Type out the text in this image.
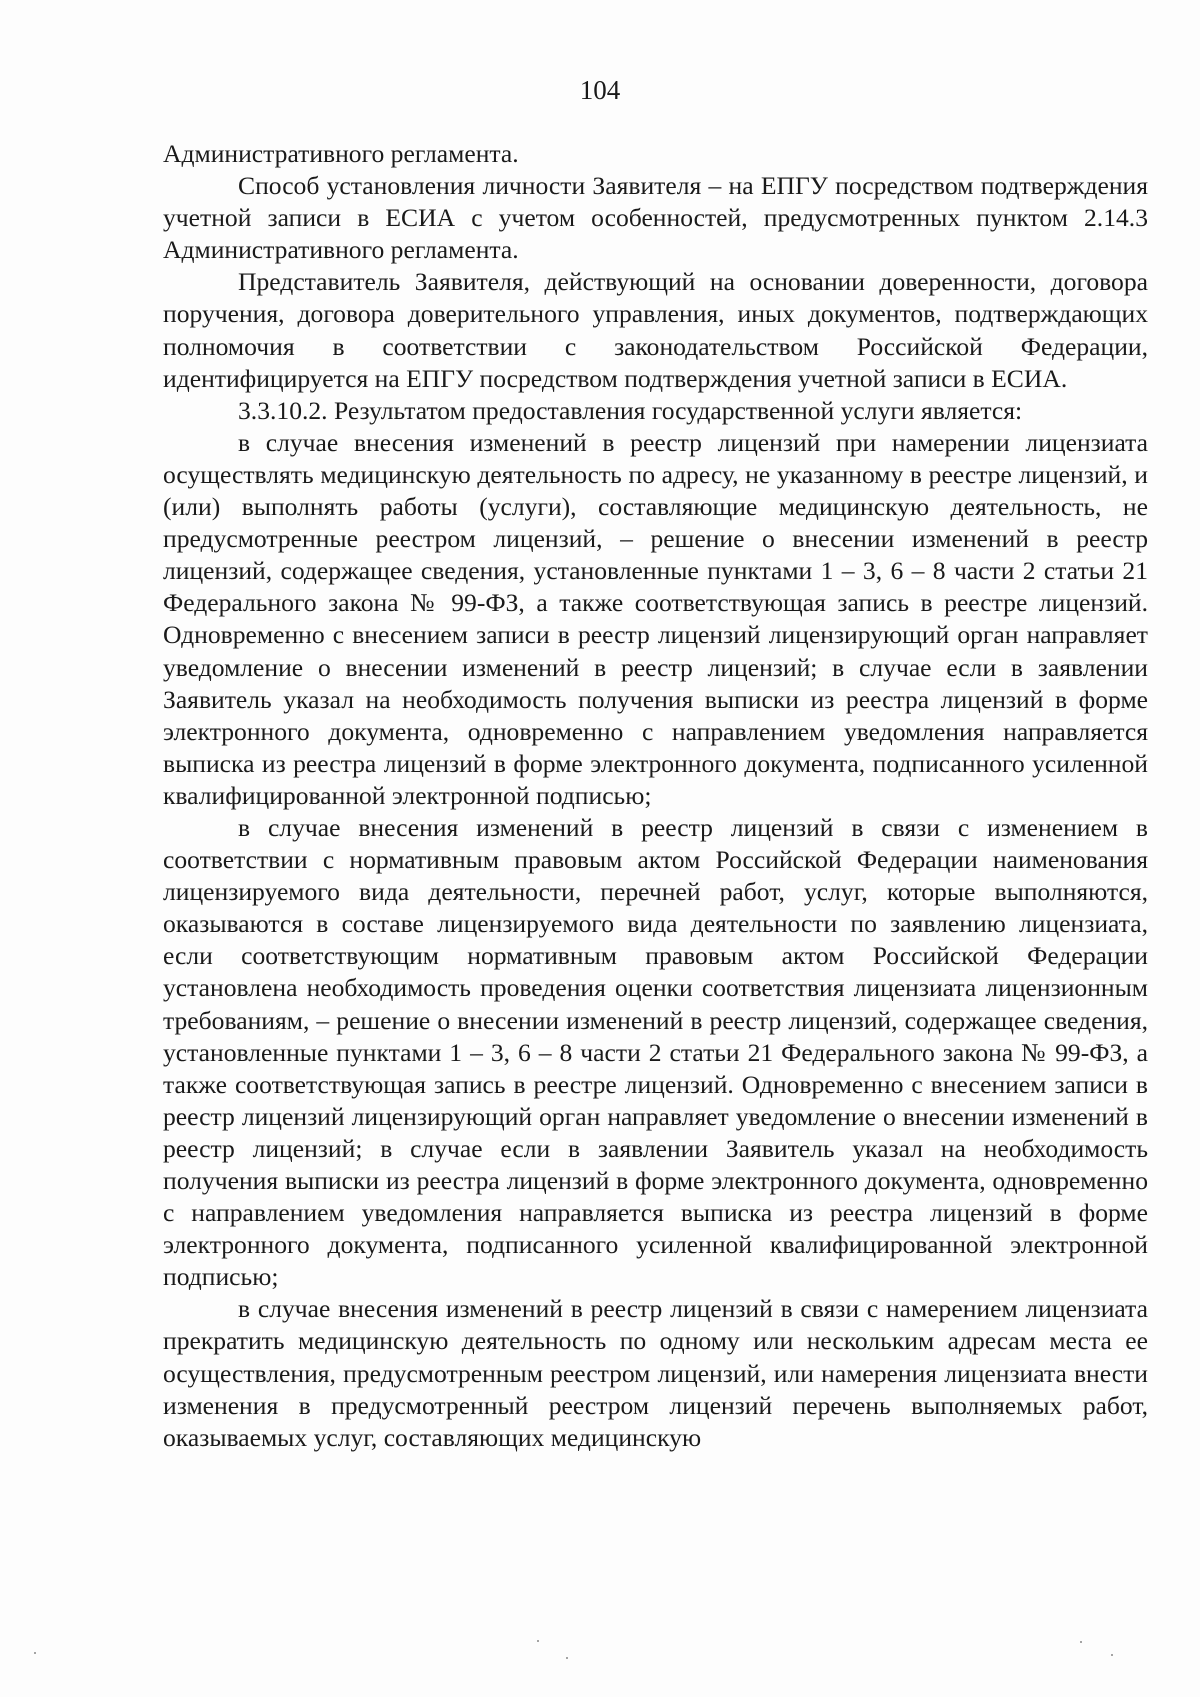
104

Административного регламента.

Способ установления личности Заявителя – на ЕПГУ посредством подтверждения учетной записи в ЕСИА с учетом особенностей, предусмотренных пунктом 2.14.3 Административного регламента.

Представитель Заявителя, действующий на основании доверенности, договора поручения, договора доверительного управления, иных документов, подтверждающих полномочия в соответствии с законодательством Российской Федерации, идентифицируется на ЕПГУ посредством подтверждения учетной записи в ЕСИА.

3.3.10.2. Результатом предоставления государственной услуги является:

в случае внесения изменений в реестр лицензий при намерении лицензиата осуществлять медицинскую деятельность по адресу, не указанному в реестре лицензий, и (или) выполнять работы (услуги), составляющие медицинскую деятельность, не предусмотренные реестром лицензий, – решение о внесении изменений в реестр лицензий, содержащее сведения, установленные пунктами 1 – 3, 6 – 8 части 2 статьи 21 Федерального закона № 99-ФЗ, а также соответствующая запись в реестре лицензий. Одновременно с внесением записи в реестр лицензий лицензирующий орган направляет уведомление о внесении изменений в реестр лицензий; в случае если в заявлении Заявитель указал на необходимость получения выписки из реестра лицензий в форме электронного документа, одновременно с направлением уведомления направляется выписка из реестра лицензий в форме электронного документа, подписанного усиленной квалифицированной электронной подписью;

в случае внесения изменений в реестр лицензий в связи с изменением в соответствии с нормативным правовым актом Российской Федерации наименования лицензируемого вида деятельности, перечней работ, услуг, которые выполняются, оказываются в составе лицензируемого вида деятельности по заявлению лицензиата, если соответствующим нормативным правовым актом Российской Федерации установлена необходимость проведения оценки соответствия лицензиата лицензионным требованиям, – решение о внесении изменений в реестр лицензий, содержащее сведения, установленные пунктами 1 – 3, 6 – 8 части 2 статьи 21 Федерального закона № 99-ФЗ, а также соответствующая запись в реестре лицензий. Одновременно с внесением записи в реестр лицензий лицензирующий орган направляет уведомление о внесении изменений в реестр лицензий; в случае если в заявлении Заявитель указал на необходимость получения выписки из реестра лицензий в форме электронного документа, одновременно с направлением уведомления направляется выписка из реестра лицензий в форме электронного документа, подписанного усиленной квалифицированной электронной подписью;

в случае внесения изменений в реестр лицензий в связи с намерением лицензиата прекратить медицинскую деятельность по одному или нескольким адресам места ее осуществления, предусмотренным реестром лицензий, или намерения лицензиата внести изменения в предусмотренный реестром лицензий перечень выполняемых работ, оказываемых услуг, составляющих медицинскую
